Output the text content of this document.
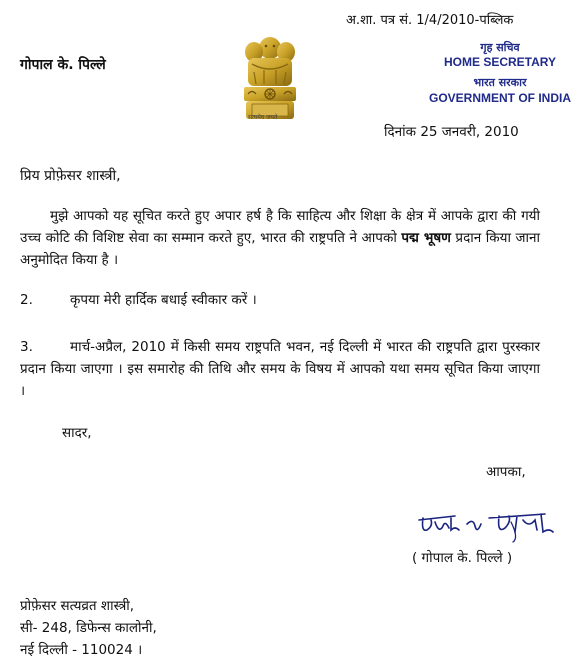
अ.शा. पत्र सं. 1/4/2010-पब्लिक
गोपाल के. पिल्ले
सत्यमेव जयते
गृह सचिव
HOME SECRETARY
भारत सरकार
GOVERNMENT OF INDIA
दिनांक 25 जनवरी, 2010
प्रिय प्रोफ़ेसर शास्त्री,
मुझे आपको यह सूचित करते हुए अपार हर्ष है कि साहित्य और शिक्षा के क्षेत्र में आपके द्वारा की गयी उच्च कोटि की विशिष्ट सेवा का सम्मान करते हुए, भारत की राष्ट्रपति ने आपको पद्म भूषण प्रदान किया जाना अनुमोदित किया है ।
2.	कृपया मेरी हार्दिक बधाई स्वीकार करें ।
3.	मार्च-अप्रैल, 2010 में किसी समय राष्ट्रपति भवन, नई दिल्ली में भारत की राष्ट्रपति द्वारा पुरस्कार प्रदान किया जाएगा । इस समारोह की तिथि और समय के विषय में आपको यथा समय सूचित किया जाएगा ।
सादर,
आपका,
( गोपाल के. पिल्ले )
प्रोफ़ेसर सत्यव्रत शास्त्री,
सी- 248, डिफेन्स कालोनी,
नई दिल्ली - 110024 ।
